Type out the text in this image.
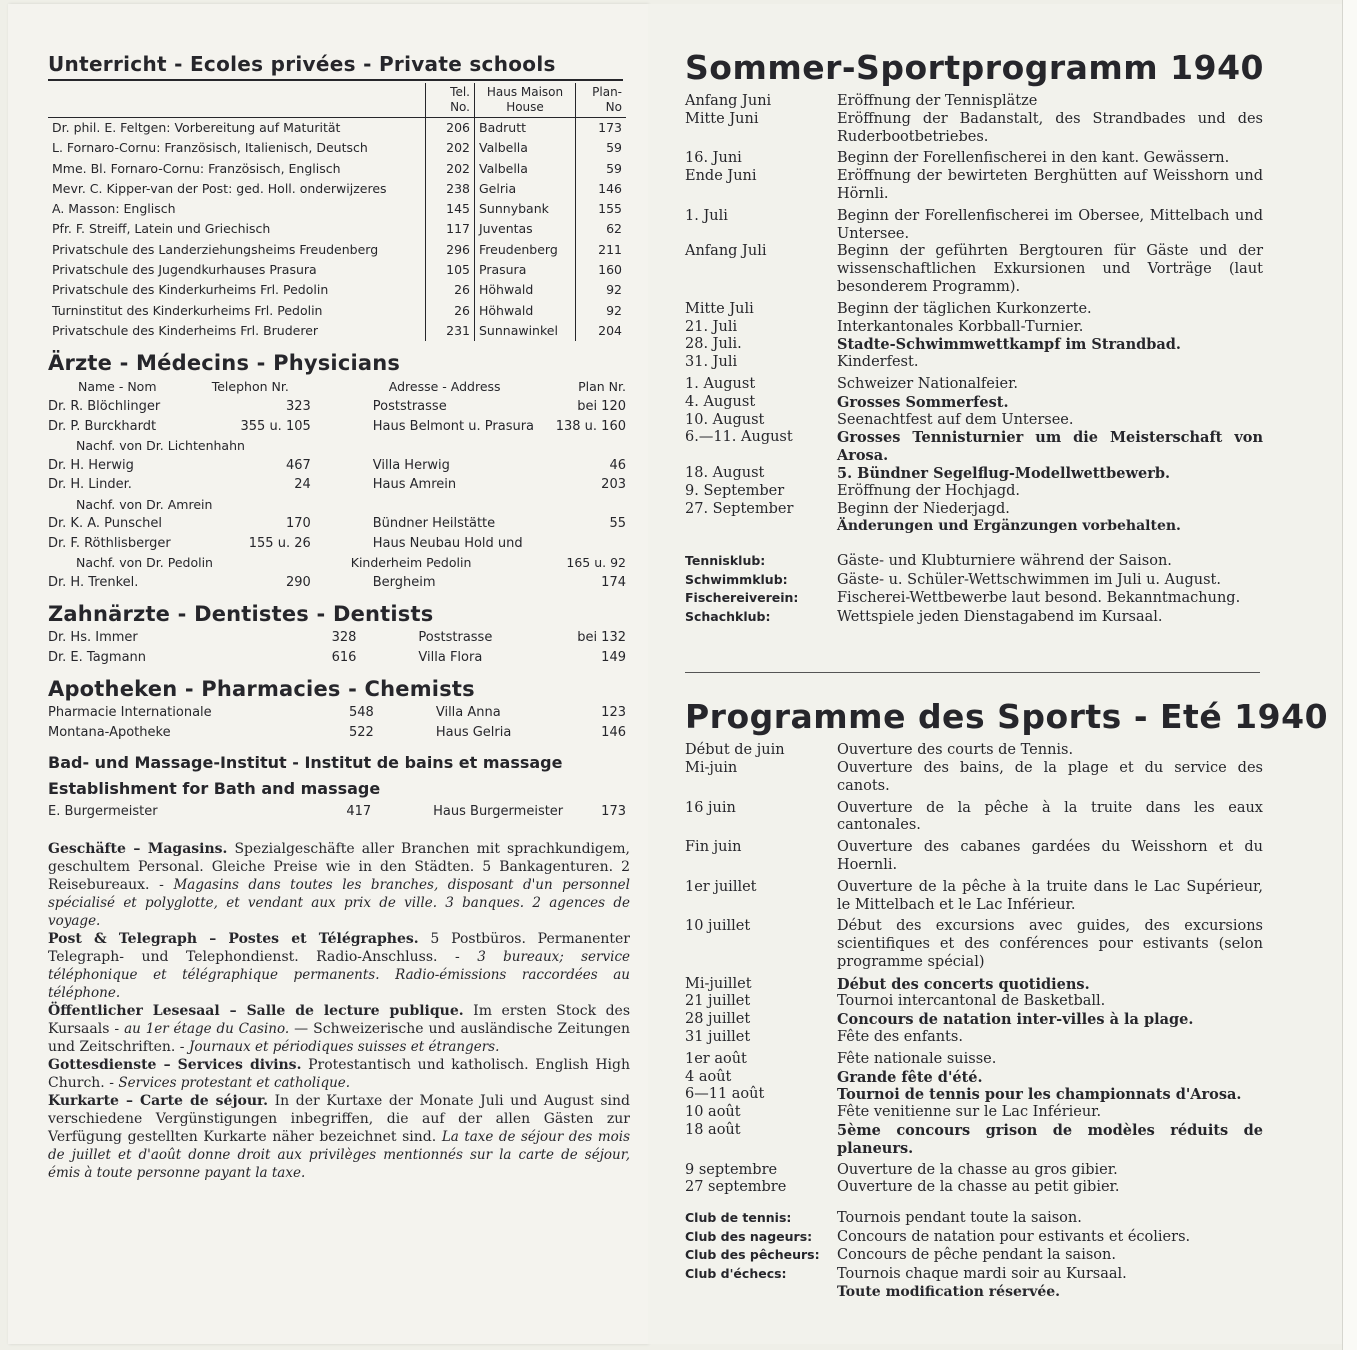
Unterricht - Ecoles privées - Private schools
	Tel. No.	Haus Maison House	Plan- No
Dr. phil. E. Feltgen: Vorbereitung auf Maturität	206	Badrutt	173
L. Fornaro-Cornu: Französisch, Italienisch, Deutsch	202	Valbella	59
Mme. Bl. Fornaro-Cornu: Französisch, Englisch	202	Valbella	59
Mevr. C. Kipper-van der Post: ged. Holl. onderwijzeres	238	Gelria	146
A. Masson: Englisch	145	Sunnybank	155
Pfr. F. Streiff, Latein und Griechisch	117	Juventas	62
Privatschule des Landerziehungsheims Freudenberg	296	Freudenberg	211
Privatschule des Jugendkurhauses Prasura	105	Prasura	160
Privatschule des Kinderkurheims Frl. Pedolin	26	Höhwald	92
Turninstitut des Kinderkurheims Frl. Pedolin	26	Höhwald	92
Privatschule des Kinderheims Frl. Bruderer	231	Sunnawinkel	204
Ärzte - Médecins - Physicians
Name - Nom	Telephon Nr.	Adresse - Address	Plan Nr.
Dr. R. Blöchlinger	323	Poststrasse	bei 120
Dr. P. Burckhardt	355 u. 105	Haus Belmont u. Prasura	138 u. 160
Nachf. von Dr. Lichtenhahn			
Dr. H. Herwig	467	Villa Herwig	46
Dr. H. Linder.	24	Haus Amrein	203
Nachf. von Dr. Amrein			
Dr. K. A. Punschel	170	Bündner Heilstätte	55
Dr. F. Röthlisberger	155 u. 26	Haus Neubau Hold und	
Nachf. von Dr. Pedolin		Kinderheim Pedolin	165 u. 92
Dr. H. Trenkel.	290	Bergheim	174
Zahnärzte - Dentistes - Dentists
Dr. Hs. Immer	328	Poststrasse	bei 132
Dr. E. Tagmann	616	Villa Flora	149
Apotheken - Pharmacies - Chemists
Pharmacie Internationale	548	Villa Anna	123
Montana-Apotheke	522	Haus Gelria	146
Bad- und Massage-Institut - Institut de bains et massage
Establishment for Bath and massage
E. Burgermeister	417	Haus Burgermeister	173

Geschäfte – Magasins. Spezialgeschäfte aller Branchen mit sprachkundigem, geschultem Personal. Gleiche Preise wie in den Städten. 5 Bankagenturen. 2 Reisebureaux. - Magasins dans toutes les branches, disposant d'un personnel spécialisé et polyglotte, et vendant aux prix de ville. 3 banques. 2 agences de voyage.

Post & Telegraph – Postes et Télégraphes. 5 Postbüros. Permanenter Telegraph- und Telephondienst. Radio-Anschluss. - 3 bureaux; service téléphonique et télégraphique permanents. Radio-émissions raccordées au téléphone.

Öffentlicher Lesesaal – Salle de lecture publique. Im ersten Stock des Kursaals - au 1er étage du Casino. — Schweizerische und ausländische Zeitungen und Zeitschriften. - Journaux et périodiques suisses et étrangers.

Gottesdienste – Services divins. Protestantisch und katholisch. English High Church. - Services protestant et catholique.

Kurkarte – Carte de séjour. In der Kurtaxe der Monate Juli und August sind verschiedene Vergünstigungen inbegriffen, die auf der allen Gästen zur Verfügung gestellten Kurkarte näher bezeichnet sind. La taxe de séjour des mois de juillet et d'août donne droit aux privilèges mentionnés sur la carte de séjour, émis à toute personne payant la taxe.

Sommer-Sportprogramm 1940
Anfang Juni	Eröffnung der Tennisplätze
Mitte Juni	Eröffnung der Badanstalt, des Strandbades und des Ruderbootbetriebes.
16. Juni	Beginn der Forellenfischerei in den kant. Gewässern.
Ende Juni	Eröffnung der bewirteten Berghütten auf Weisshorn und Hörnli.
1. Juli	Beginn der Forellenfischerei im Obersee, Mittelbach und Untersee.
Anfang Juli	Beginn der geführten Bergtouren für Gäste und der wissenschaftlichen Exkursionen und Vorträge (laut besonderem Programm).
Mitte Juli	Beginn der täglichen Kurkonzerte.
21. Juli	Interkantonales Korbball-Turnier.
28. Juli.	Stadte-Schwimmwettkampf im Strandbad.
31. Juli	Kinderfest.
1. August	Schweizer Nationalfeier.
4. August	Grosses Sommerfest.
10. August	Seenachtfest auf dem Untersee.
6.—11. August	Grosses Tennisturnier um die Meisterschaft von Arosa.
18. August	5. Bündner Segelflug-Modellwettbewerb.
9. September	Eröffnung der Hochjagd.
27. September	Beginn der Niederjagd.
	Änderungen und Ergänzungen vorbehalten.
Tennisklub:	Gäste- und Klubturniere während der Saison.
Schwimmklub:	Gäste- u. Schüler-Wettschwimmen im Juli u. August.
Fischereiverein:	Fischerei-Wettbewerbe laut besond. Bekanntmachung.
Schachklub:	Wettspiele jeden Dienstagabend im Kursaal.
Programme des Sports - Eté 1940
Début de juin	Ouverture des courts de Tennis.
Mi-juin	Ouverture des bains, de la plage et du service des canots.
16 juin	Ouverture de la pêche à la truite dans les eaux cantonales.
Fin juin	Ouverture des cabanes gardées du Weisshorn et du Hoernli.
1er juillet	Ouverture de la pêche à la truite dans le Lac Supérieur, le Mittelbach et le Lac Inférieur.
10 juillet	Début des excursions avec guides, des excursions scientifiques et des conférences pour estivants (selon programme spécial)
Mi-juillet	Début des concerts quotidiens.
21 juillet	Tournoi intercantonal de Basketball.
28 juillet	Concours de natation inter-villes à la plage.
31 juillet	Fête des enfants.
1er août	Fête nationale suisse.
4 août	Grande fête d'été.
6—11 août	Tournoi de tennis pour les championnats d'Arosa.
10 août	Fête venitienne sur le Lac Inférieur.
18 août	5ème concours grison de modèles réduits de planeurs.
9 septembre	Ouverture de la chasse au gros gibier.
27 septembre	Ouverture de la chasse au petit gibier.
Club de tennis:	Tournois pendant toute la saison.
Club des nageurs:	Concours de natation pour estivants et écoliers.
Club des pêcheurs:	Concours de pêche pendant la saison.
Club d'échecs:	Tournois chaque mardi soir au Kursaal.
	Toute modification réservée.
